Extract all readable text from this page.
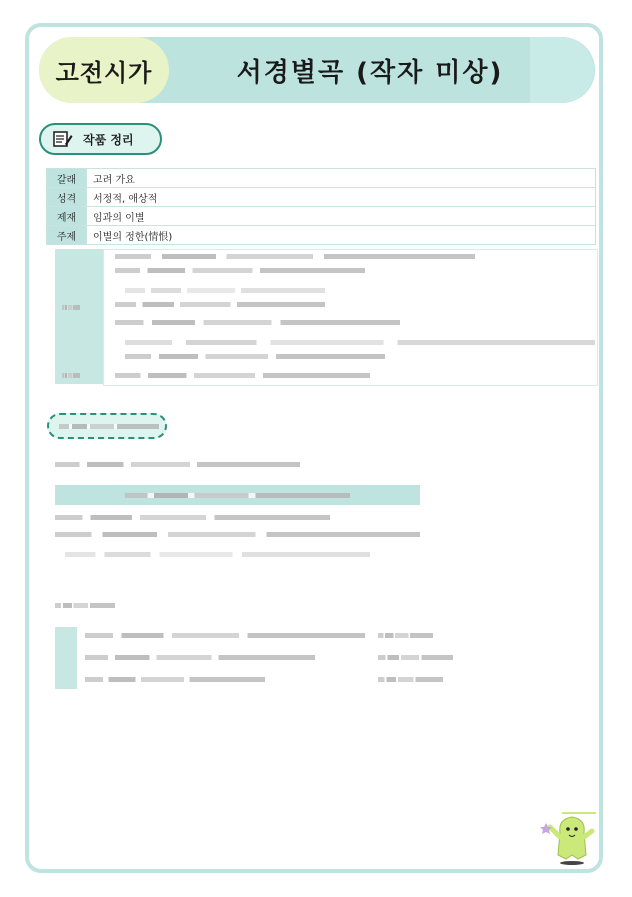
고전시가	서경별곡 (작자 미상)
작품 정리
갈래	고려 가요
성격	서정적, 애상적
제재	임과의 이별
주제	이별의 정한(情恨)
